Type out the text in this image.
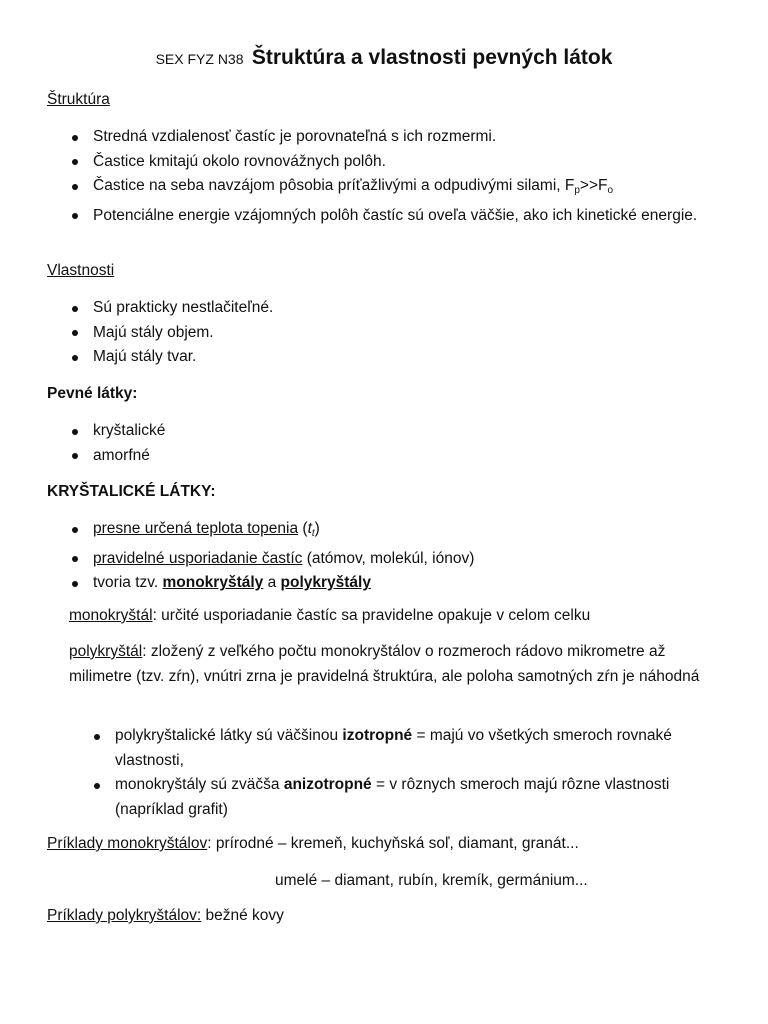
SEX FYZ N38 Štruktúra a vlastnosti pevných látok
Štruktúra
Stredná vzdialenosť častíc je porovnateľná s ich rozmermi.
Častice kmitajú okolo rovnovážnych polôh.
Častice na seba navzájom pôsobia príťažlivými a odpudivými silami, $F_p>>F_o$
Potenciálne energie vzájomných polôh častíc sú oveľa väčšie, ako ich kinetické energie.
Vlastnosti
Sú prakticky nestlačiteľné.
Majú stály objem.
Majú stály tvar.
Pevné látky:
kryštalické
amorfné
KRYŠTALICKÉ LÁTKY:
presne určená teplota topenia $(t_t)$
pravidelné usporiadanie častíc (atómov, molekúl, iónov)
tvoria tzv. monokryštály a polykryštály
monokryštál: určité usporiadanie častíc sa pravidelne opakuje v celom celku
polykryštál: zložený z veľkého počtu monokryštálov o rozmeroch rádovo mikrometre až milimetre (tzv. zŕn), vnútri zrna je pravidelná štruktúra, ale poloha samotných zŕn je náhodná
polykryštalické látky sú väčšinou izotropné = majú vo všetkých smeroch rovnaké vlastnosti,
monokryštály sú zväčša anizotropné = v rôznych smeroch majú rôzne vlastnosti (napríklad grafit)
Príklady monokryštálov: prírodné – kremeň, kuchyňská soľ, diamant, granát...
umelé – diamant, rubín, kremík, germánium...
Príklady polykryštálov: bežné kovy
